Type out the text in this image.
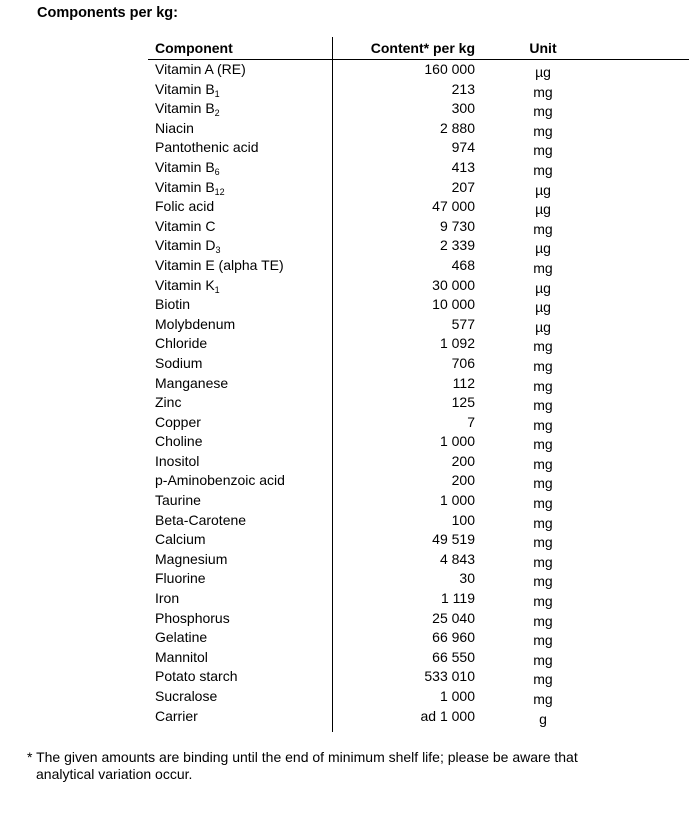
Components per kg:
Component	Content* per kg	Unit
Vitamin A (RE)	160 000	µg
Vitamin $B_1$	213	mg
Vitamin $B_2$	300	mg
Niacin	2 880	mg
Pantothenic acid	974	mg
Vitamin $B_6$	413	mg
Vitamin $B_{12}$	207	µg
Folic acid	47 000	µg
Vitamin C	9 730	mg
Vitamin $D_3$	2 339	µg
Vitamin E (alpha TE)	468	mg
Vitamin $K_1$	30 000	µg
Biotin	10 000	µg
Molybdenum	577	µg
Chloride	1 092	mg
Sodium	706	mg
Manganese	112	mg
Zinc	125	mg
Copper	7	mg
Choline	1 000	mg
Inositol	200	mg
p-Aminobenzoic acid	200	mg
Taurine	1 000	mg
Beta-Carotene	100	mg
Calcium	49 519	mg
Magnesium	4 843	mg
Fluorine	30	mg
Iron	1 119	mg
Phosphorus	25 040	mg
Gelatine	66 960	mg
Mannitol	66 550	mg
Potato starch	533 010	mg
Sucralose	1 000	mg
Carrier	ad 1 000	g

* The given amounts are binding until the end of minimum shelf life; please be aware that
analytical variation occur.
